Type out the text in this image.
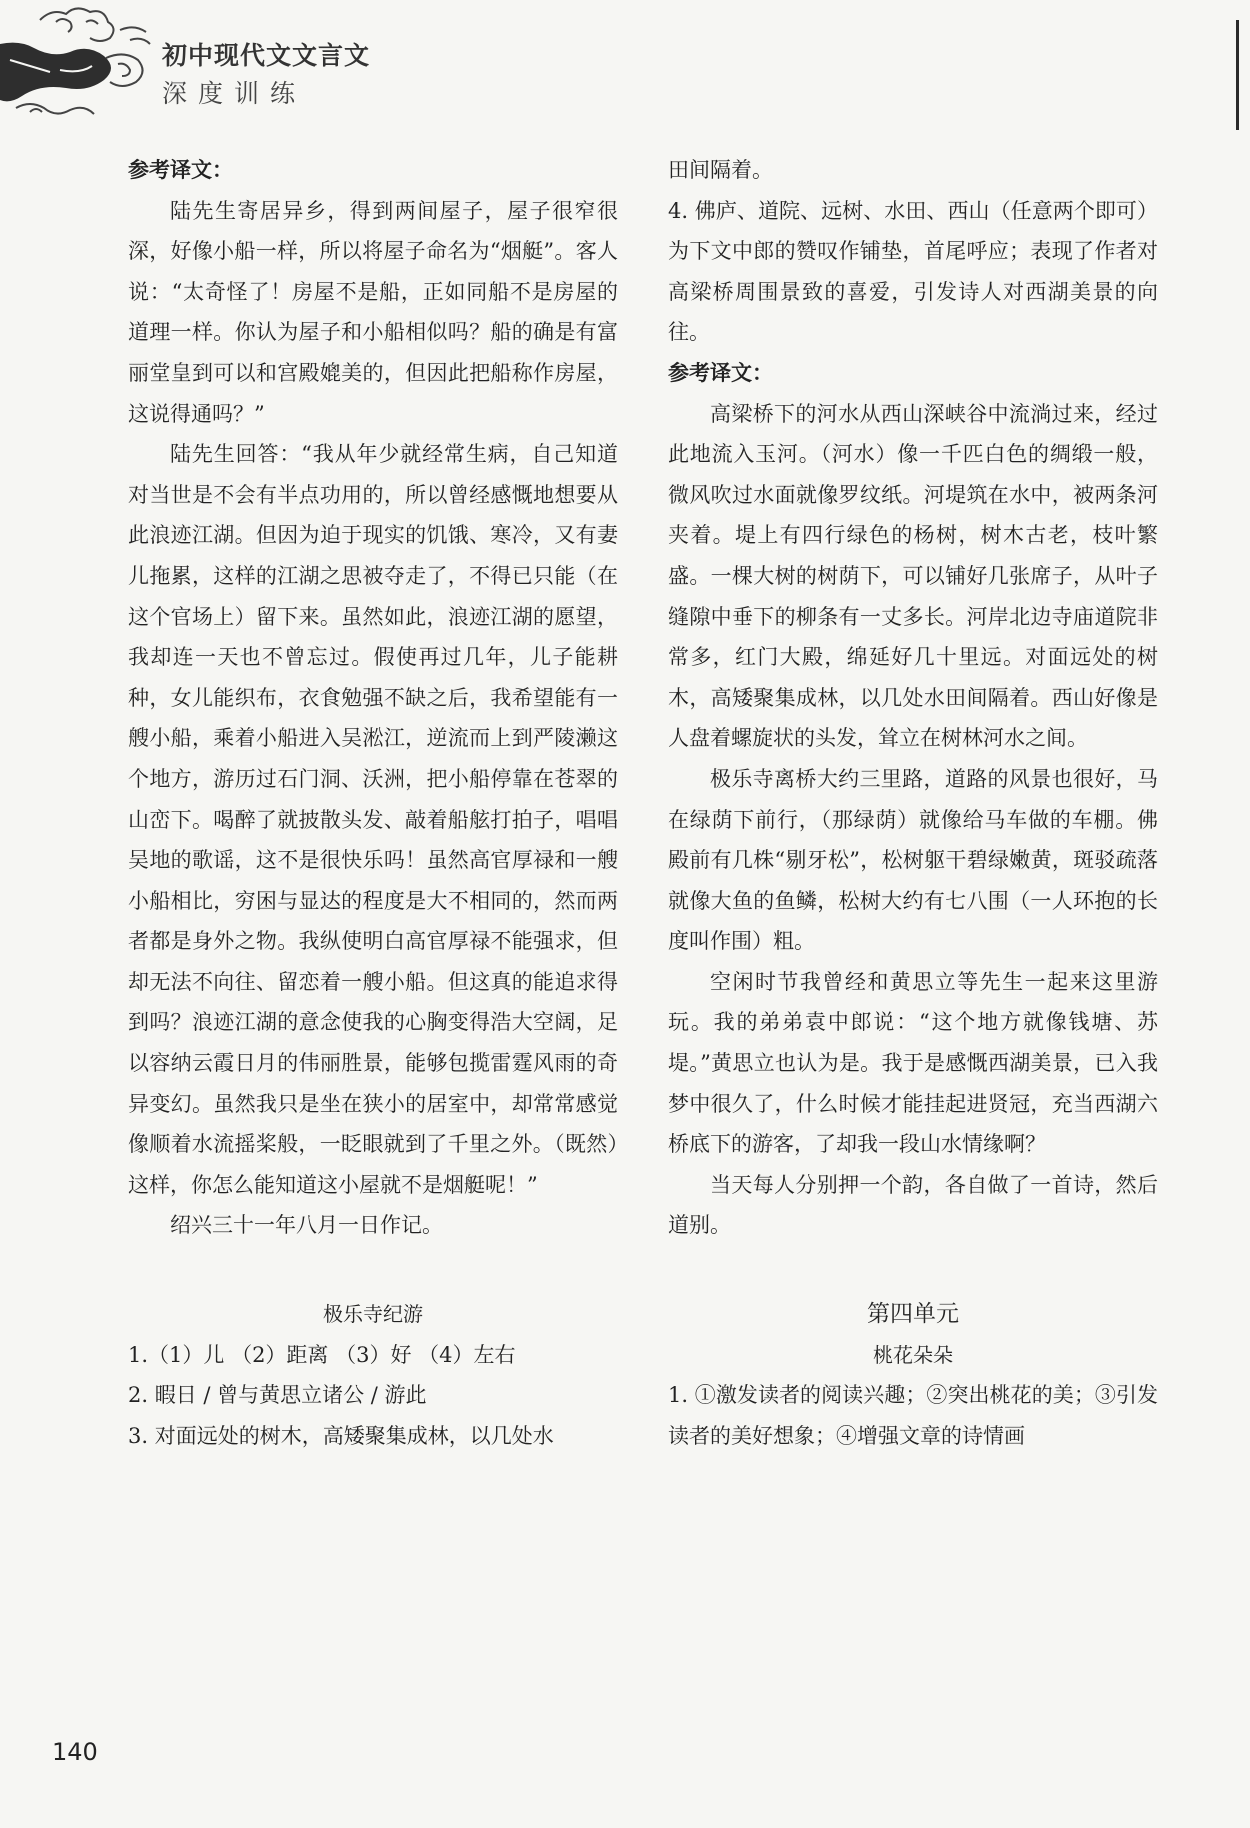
初中现代文文言文
深度训练

参考译文：

陆先生寄居异乡，得到两间屋子，屋子很窄很深，好像小船一样，所以将屋子命名为“烟艇”。客人说：“太奇怪了！房屋不是船，正如同船不是房屋的道理一样。你认为屋子和小船相似吗？船的确是有富丽堂皇到可以和宫殿媲美的，但因此把船称作房屋，这说得通吗？”

陆先生回答：“我从年少就经常生病，自己知道对当世是不会有半点功用的，所以曾经感慨地想要从此浪迹江湖。但因为迫于现实的饥饿、寒冷，又有妻儿拖累，这样的江湖之思被夺走了，不得已只能（在这个官场上）留下来。虽然如此，浪迹江湖的愿望，我却连一天也不曾忘过。假使再过几年，儿子能耕种，女儿能织布，衣食勉强不缺之后，我希望能有一艘小船，乘着小船进入吴淞江，逆流而上到严陵濑这个地方，游历过石门洞、沃洲，把小船停靠在苍翠的山峦下。喝醉了就披散头发、敲着船舷打拍子，唱唱吴地的歌谣，这不是很快乐吗！虽然高官厚禄和一艘小船相比，穷困与显达的程度是大不相同的，然而两者都是身外之物。我纵使明白高官厚禄不能强求，但却无法不向往、留恋着一艘小船。但这真的能追求得到吗？浪迹江湖的意念使我的心胸变得浩大空阔，足以容纳云霞日月的伟丽胜景，能够包揽雷霆风雨的奇异变幻。虽然我只是坐在狭小的居室中，却常常感觉像顺着水流摇桨般，一眨眼就到了千里之外。（既然）这样，你怎么能知道这小屋就不是烟艇呢！”

绍兴三十一年八月一日作记。

极乐寺纪游

1.（1）儿 （2）距离 （3）好 （4）左右

2. 暇日 / 曾与黄思立诸公 / 游此

3. 对面远处的树木，高矮聚集成林，以几处水

田间隔着。

4. 佛庐、道院、远树、水田、西山（任意两个即可） 为下文中郎的赞叹作铺垫，首尾呼应；表现了作者对高梁桥周围景致的喜爱，引发诗人对西湖美景的向往。

参考译文：

高梁桥下的河水从西山深峡谷中流淌过来，经过此地流入玉河。（河水）像一千匹白色的绸缎一般，微风吹过水面就像罗纹纸。河堤筑在水中，被两条河夹着。堤上有四行绿色的杨树，树木古老，枝叶繁盛。一棵大树的树荫下，可以铺好几张席子，从叶子缝隙中垂下的柳条有一丈多长。河岸北边寺庙道院非常多，红门大殿，绵延好几十里远。对面远处的树木，高矮聚集成林，以几处水田间隔着。西山好像是人盘着螺旋状的头发，耸立在树林河水之间。

极乐寺离桥大约三里路，道路的风景也很好，马在绿荫下前行，（那绿荫）就像给马车做的车棚。佛殿前有几株“剔牙松”，松树躯干碧绿嫩黄，斑驳疏落就像大鱼的鱼鳞，松树大约有七八围（一人环抱的长度叫作围）粗。

空闲时节我曾经和黄思立等先生一起来这里游玩。我的弟弟袁中郎说：“这个地方就像钱塘、苏堤。”黄思立也认为是。我于是感慨西湖美景，已入我梦中很久了，什么时候才能挂起进贤冠，充当西湖六桥底下的游客，了却我一段山水情缘啊？

当天每人分别押一个韵，各自做了一首诗，然后道别。

第四单元

桃花朵朵

1. ①激发读者的阅读兴趣；②突出桃花的美；③引发读者的美好想象；④增强文章的诗情画

140
